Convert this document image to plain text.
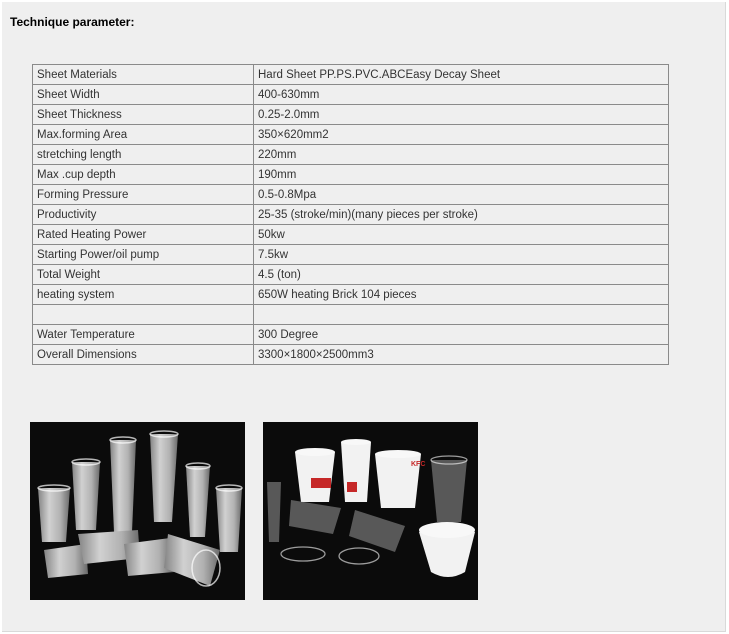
Technique parameter:
Sheet Materials	Hard Sheet PP.PS.PVC.ABCEasy Decay Sheet
Sheet Width	400-630mm
Sheet Thickness	0.25-2.0mm
Max.forming Area	350×620mm2
stretching length	220mm
Max .cup depth	190mm
Forming Pressure	0.5-0.8Mpa
Productivity	25-35 (stroke/min)(many pieces per stroke)
Rated Heating Power	50kw
Starting Power/oil pump	7.5kw
Total Weight	4.5 (ton)
heating system	650W heating Brick 104 pieces

Water Temperature	300 Degree
Overall Dimensions	3300×1800×2500mm3
KFC
